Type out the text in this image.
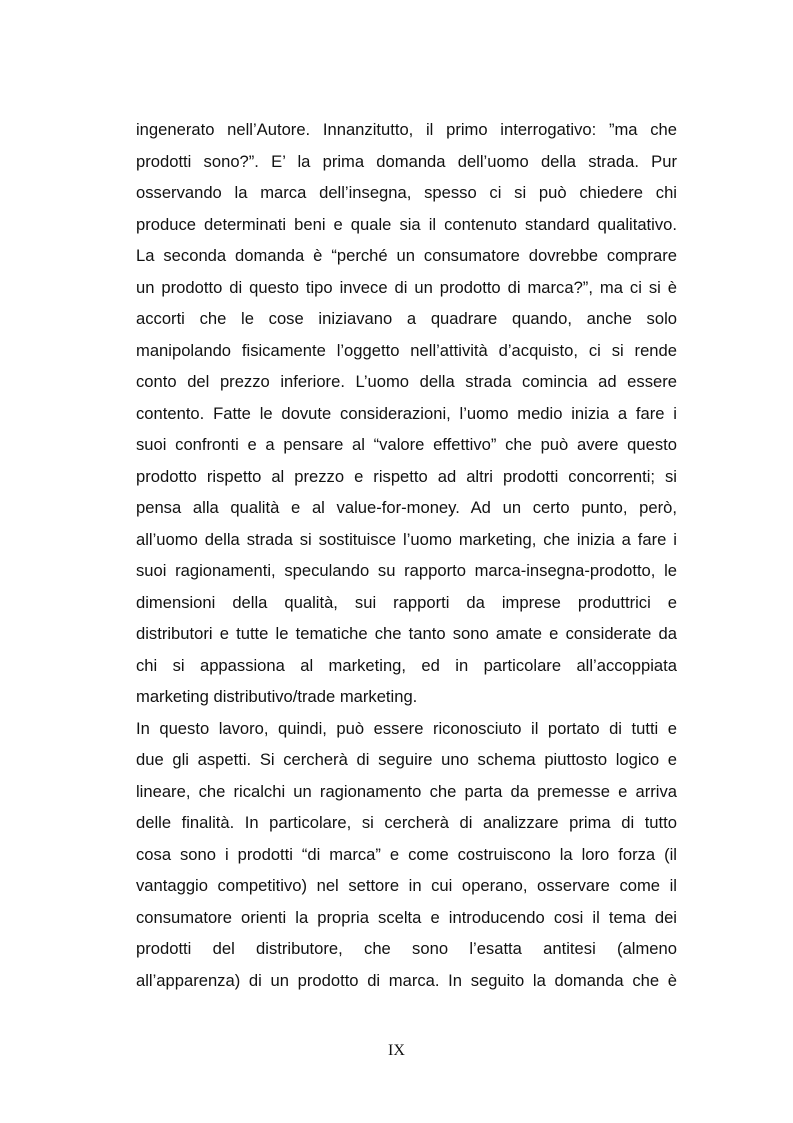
ingenerato nell’Autore. Innanzitutto, il primo interrogativo: ”ma che
prodotti sono?”. E’ la prima domanda dell’uomo della strada. Pur
osservando la marca dell’insegna, spesso ci si può chiedere chi
produce determinati beni e quale sia il contenuto standard qualitativo.
La seconda domanda è “perché un consumatore dovrebbe comprare
un prodotto di questo tipo invece di un prodotto di marca?”, ma ci si è
accorti che le cose iniziavano a quadrare quando, anche solo
manipolando fisicamente l’oggetto nell’attività d’acquisto, ci si rende
conto del prezzo inferiore. L’uomo della strada comincia ad essere
contento. Fatte le dovute considerazioni, l’uomo medio inizia a fare i
suoi confronti e a pensare al “valore effettivo” che può avere questo
prodotto rispetto al prezzo e rispetto ad altri prodotti concorrenti; si
pensa alla qualità e al value-for-money. Ad un certo punto, però,
all’uomo della strada si sostituisce l’uomo marketing, che inizia a fare i
suoi ragionamenti, speculando su rapporto marca-insegna-prodotto, le
dimensioni della qualità, sui rapporti da imprese produttrici e
distributori e tutte le tematiche che tanto sono amate e considerate da
chi si appassiona al marketing, ed in particolare all’accoppiata
marketing distributivo/trade marketing.
In questo lavoro, quindi, può essere riconosciuto il portato di tutti e
due gli aspetti. Si cercherà di seguire uno schema piuttosto logico e
lineare, che ricalchi un ragionamento che parta da premesse e arriva
delle finalità. In particolare, si cercherà di analizzare prima di tutto
cosa sono i prodotti “di marca” e come costruiscono la loro forza (il
vantaggio competitivo) nel settore in cui operano, osservare come il
consumatore orienti la propria scelta e introducendo cosi il tema dei
prodotti del distributore, che sono l’esatta antitesi (almeno
all’apparenza) di un prodotto di marca. In seguito la domanda che è
IX
